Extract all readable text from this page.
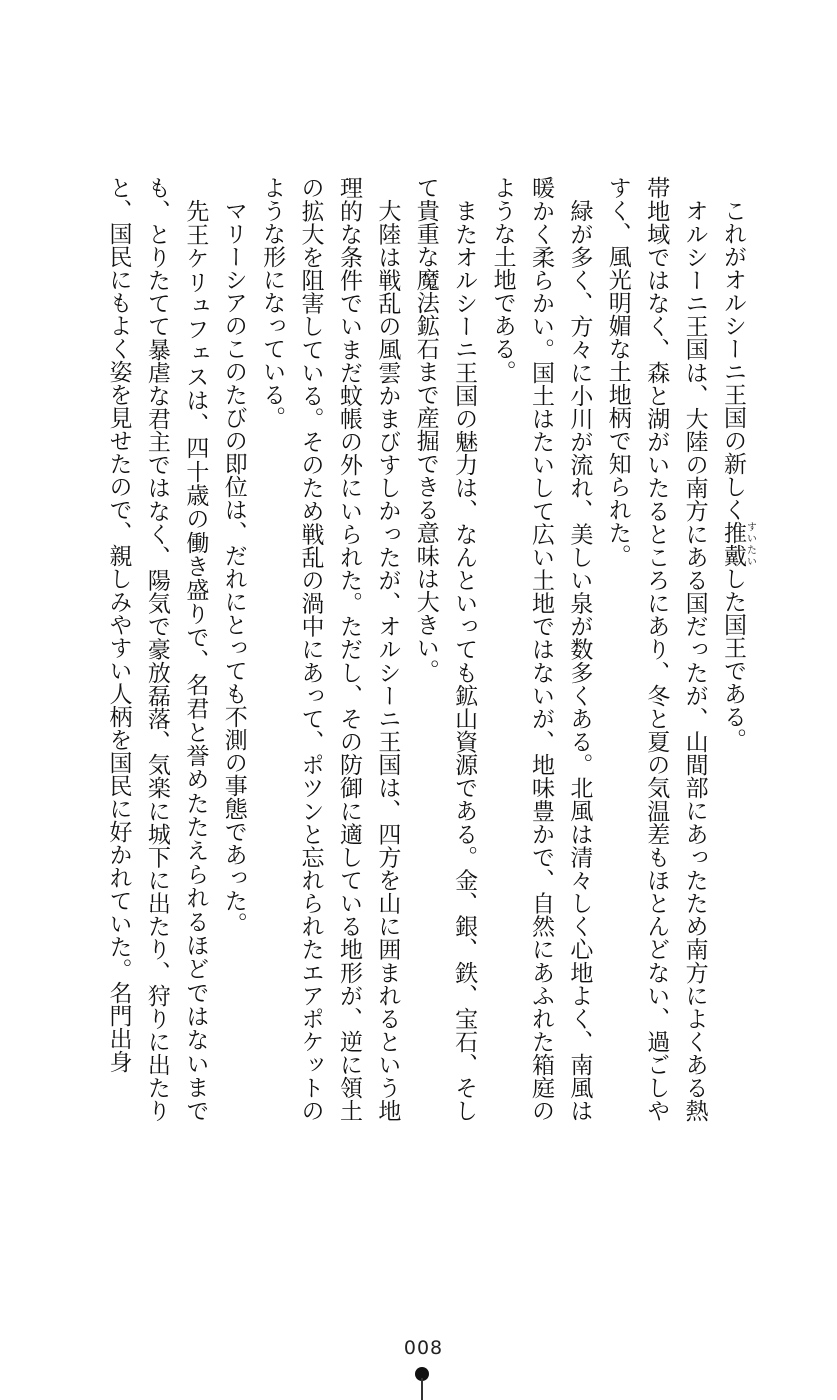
これがオルシーニ王国の新しく推戴すいたいした国王である。

オルシーニ王国は、大陸の南方にある国だったが、山間部にあったため南方によくある熱帯地域ではなく、森と湖がいたるところにあり、冬と夏の気温差もほとんどない、過ごしやすく、風光明媚な土地柄で知られた。

緑が多く、方々に小川が流れ、美しい泉が数多くある。北風は清々しく心地よく、南風は暖かく柔らかい。国土はたいして広い土地ではないが、地味豊かで、自然にあふれた箱庭のような土地である。

またオルシーニ王国の魅力は、なんといっても鉱山資源である。金、銀、鉄、宝石、そして貴重な魔法鉱石まで産掘できる意味は大きい。

大陸は戦乱の風雲かまびすしかったが、オルシーニ王国は、四方を山に囲まれるという地理的な条件でいまだ蚊帳の外にいられた。ただし、その防御に適している地形が、逆に領土の拡大を阻害している。そのため戦乱の渦中にあって、ポツンと忘れられたエアポケットのような形になっている。

マリーシアのこのたびの即位は、だれにとっても不測の事態であった。

先王ケリュフェスは、四十歳の働き盛りで、名君と誉めたたえられるほどではないまでも、とりたてて暴虐な君主ではなく、陽気で豪放磊落、気楽に城下に出たり、狩りに出たりと、国民にもよく姿を見せたので、親しみやすい人柄を国民に好かれていた。名門出身

008
